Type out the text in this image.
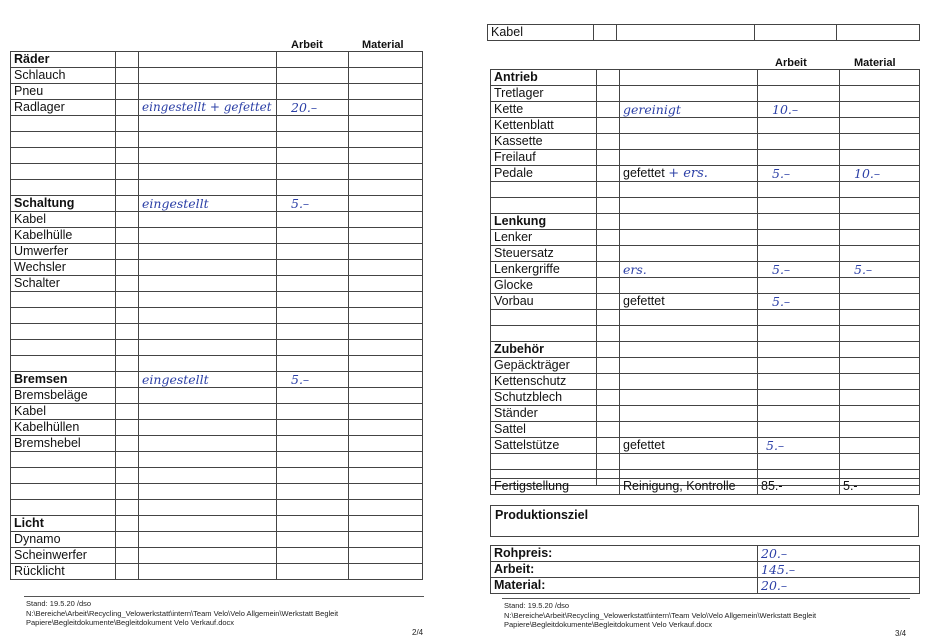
Arbeit	Material
Räder				
Schlauch				
Pneu				
Radlager		eingestellt + gefettet	20.–	

Schaltung		eingestellt	5.–	
Kabel				
Kabelhülle				
Umwerfer				
Wechsler				
Schalter				

Bremsen		eingestellt	5.–	
Bremsbeläge				
Kabel				
Kabelhüllen				
Bremshebel				

Licht				
Dynamo				
Scheinwerfer				
Rücklicht				
Stand: 19.5.20 /dso
N:\Bereiche\Arbeit\Recycling_Velowerkstatt\intern\Team Velo\Velo Allgemein\Werkstatt Begleit
Papiere\Begleitdokumente\Begleitdokument Velo Verkauf.docx
2/4
Kabel				
Arbeit	Material
Antrieb				
Tretlager				
Kette		gereinigt	10.–	
Kettenblatt				
Kassette				
Freilauf				
Pedale		gefettet + ers.	5.–	10.–

Lenkung				
Lenker				
Steuersatz				
Lenkergriffe		ers.	5.–	5.–
Glocke				
Vorbau		gefettet	5.–	

Zubehör				
Gepäckträger				
Kettenschutz				
Schutzblech				
Ständer				
Sattel				
Sattelstütze		gefettet	5.–	

Fertigstellung	Reinigung, Kontrolle	85.-	5.-
Produktionsziel
Rohpreis:	20.–
Arbeit:	145.–
Material:	20.–
Stand: 19.5.20 /dso
N:\Bereiche\Arbeit\Recycling_Velowerkstatt\intern\Team Velo\Velo Allgemein\Werkstatt Begleit
Papiere\Begleitdokumente\Begleitdokument Velo Verkauf.docx
3/4
